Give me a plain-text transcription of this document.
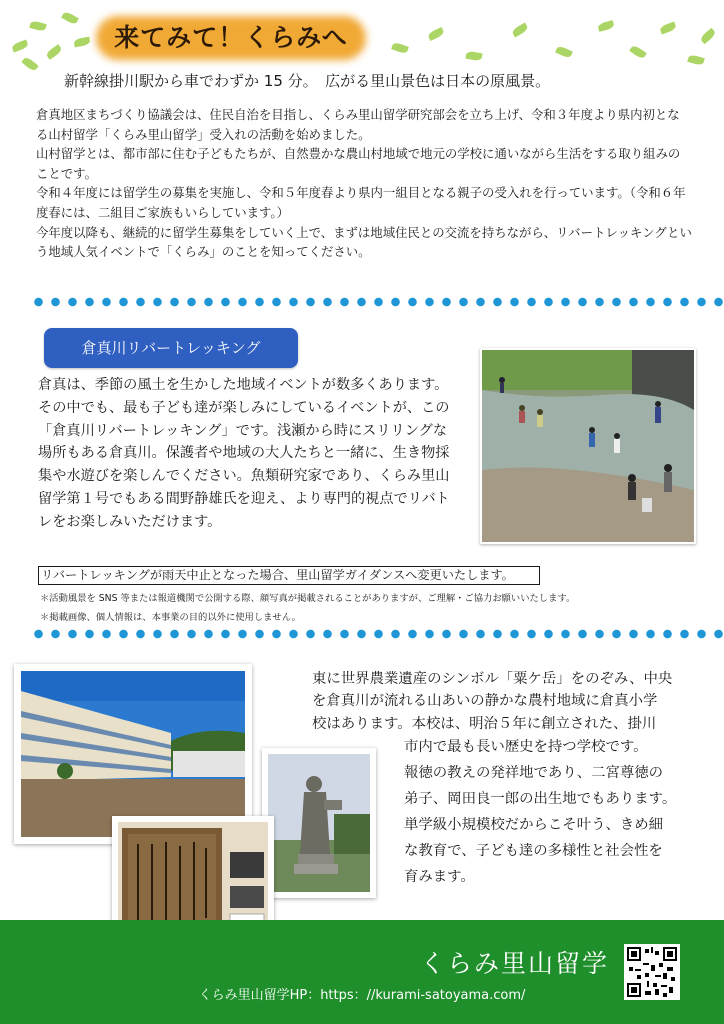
来てみて！くらみへ
新幹線掛川駅から車でわずか 15 分。　広がる里山景色は日本の原風景。

倉真地区まちづくり協議会は、住民自治を目指し、くらみ里山留学研究部会を立ち上げ、令和３年度より県内初となる山村留学「くらみ里山留学」受入れの活動を始めました。

山村留学とは、都市部に住む子どもたちが、自然豊かな農山村地域で地元の学校に通いながら生活をする取り組みのことです。

令和４年度には留学生の募集を実施し、令和５年度春より県内一組目となる親子の受入れを行っています。（令和６年度春には、二組目ご家族もいらしています。）

今年度以降も、継続的に留学生募集をしていく上で、まずは地域住民との交流を持ちながら、リバートレッキングという地域人気イベントで「くらみ」のことを知ってください。

倉真川リバートレッキング
倉真は、季節の風土を生かした地域イベントが数多くあります。その中でも、最も子ども達が楽しみにしているイベントが、この「倉真川リバートレッキング」です。浅瀬から時にスリリングな場所もある倉真川。保護者や地域の大人たちと一緒に、生き物採集や水遊びを楽しんでください。魚類研究家であり、くらみ里山留学第１号でもある間野静雄氏を迎え、より専門的視点でリバトレをお楽しみいただけます。
リバートレッキングが雨天中止となった場合、里山留学ガイダンスへ変更いたします。
＊活動風景を SNS 等または報道機関で公開する際、顔写真が掲載されることがありますが、ご理解・ご協力お願いいたします。
＊掲載画像、個人情報は、本事業の目的以外に使用しません。
東に世界農業遺産のシンボル「粟ケ岳」をのぞみ、中央
を倉真川が流れる山あいの静かな農村地域に倉真小学
校はあります。本校は、明治５年に創立された、掛川
市内で最も長い歴史を持つ学校です。
報徳の教えの発祥地であり、二宮尊徳の
弟子、岡田良一郎の出生地でもあります。
単学級小規模校だからこそ叶う、きめ細
な教育で、子ども達の多様性と社会性を
育みます。
くらみ里山留学
くらみ里山留学HP：https：//kurami-satoyama.com/
